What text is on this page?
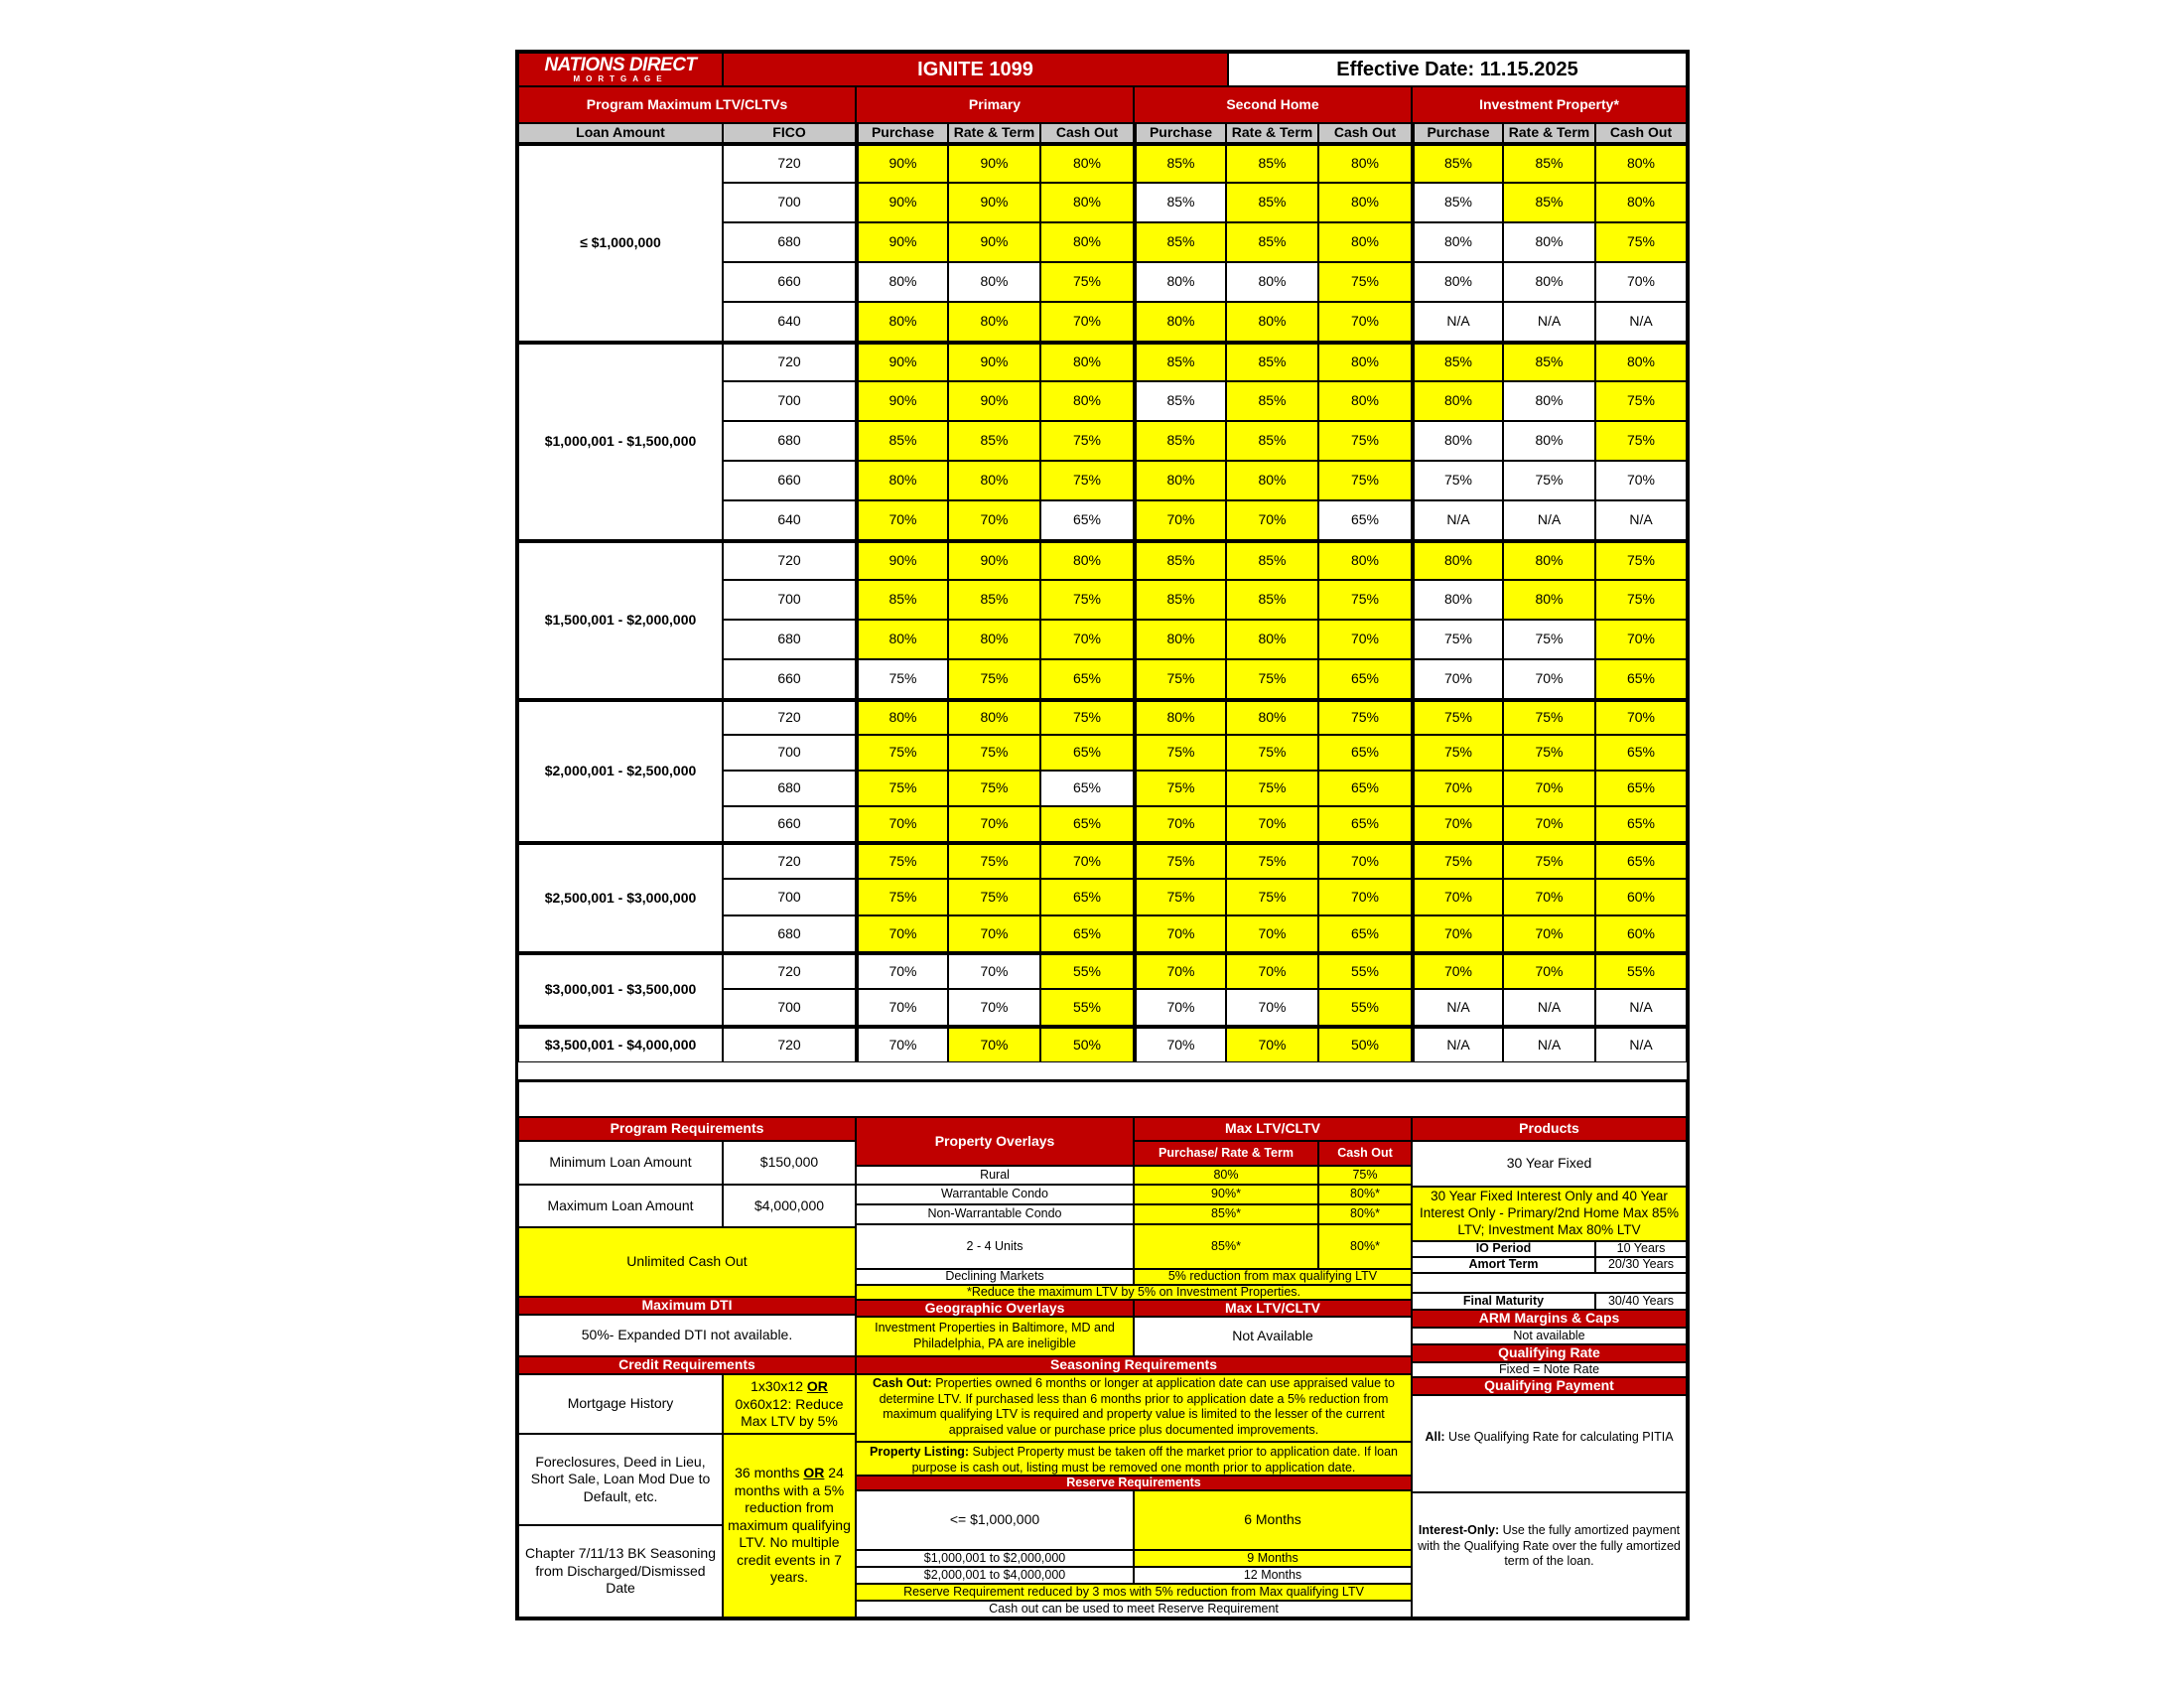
NATIONS DIRECT
MORTGAGE	IGNITE 1099	Effective Date: 11.15.2025
Program Maximum LTV/CLTVs	Primary	Second Home	Investment Property*
Loan Amount	FICO	Purchase	Rate & Term	Cash Out	Purchase	Rate & Term	Cash Out	Purchase	Rate & Term	Cash Out
≤ $1,000,000
720	90%	90%	80%	85%	85%	80%	85%	85%	80%
700	90%	90%	80%	85%	85%	80%	85%	85%	80%
680	90%	90%	80%	85%	85%	80%	80%	80%	75%
660	80%	80%	75%	80%	80%	75%	80%	80%	70%
640	80%	80%	70%	80%	80%	70%	N/A	N/A	N/A
$1,000,001 - $1,500,000
720	90%	90%	80%	85%	85%	80%	85%	85%	80%
700	90%	90%	80%	85%	85%	80%	80%	80%	75%
680	85%	85%	75%	85%	85%	75%	80%	80%	75%
660	80%	80%	75%	80%	80%	75%	75%	75%	70%
640	70%	70%	65%	70%	70%	65%	N/A	N/A	N/A
$1,500,001 - $2,000,000
720	90%	90%	80%	85%	85%	80%	80%	80%	75%
700	85%	85%	75%	85%	85%	75%	80%	80%	75%
680	80%	80%	70%	80%	80%	70%	75%	75%	70%
660	75%	75%	65%	75%	75%	65%	70%	70%	65%
$2,000,001 - $2,500,000
720	80%	80%	75%	80%	80%	75%	75%	75%	70%
700	75%	75%	65%	75%	75%	65%	75%	75%	65%
680	75%	75%	65%	75%	75%	65%	70%	70%	65%
660	70%	70%	65%	70%	70%	65%	70%	70%	65%
$2,500,001 - $3,000,000
720	75%	75%	70%	75%	75%	70%	75%	75%	65%
700	75%	75%	65%	75%	75%	70%	70%	70%	60%
680	70%	70%	65%	70%	70%	65%	70%	70%	60%
$3,000,001 - $3,500,000
720	70%	70%	55%	70%	70%	55%	70%	70%	55%
700	70%	70%	55%	70%	70%	55%	N/A	N/A	N/A
$3,500,001 - $4,000,000	720	70%	70%	50%	70%	70%	50%	N/A	N/A	N/A
Program Requirements
Minimum Loan Amount	$150,000
Maximum Loan Amount	$4,000,000
Unlimited Cash Out
Property Overlays
Max LTV/CLTV
Purchase/ Rate & Term	Cash Out
Rural	80%	75%
Warrantable Condo	90%*	80%*
Non-Warrantable Condo	85%*	80%*
2 - 4 Units	85%*	80%*
Declining Markets	5% reduction from max qualifying LTV
*Reduce the maximum LTV by 5% on Investment Properties.
Products
30 Year Fixed
30 Year Fixed Interest Only and 40 Year Interest Only - Primary/2nd Home Max 85% LTV; Investment Max 80% LTV
IO Period	10 Years
Amort Term	20/30 Years
Final Maturity	30/40 Years
ARM Margins & Caps
Not available
Qualifying Rate
Fixed = Note Rate
Qualifying Payment
All: Use Qualifying Rate for calculating PITIA
Interest-Only: Use the fully amortized payment with the Qualifying Rate over the fully amortized term of the loan.
Maximum DTI
50%- Expanded DTI not available.
Geographic Overlays	Max LTV/CLTV
Investment Properties in Baltimore, MD and Philadelphia, PA are ineligible	Not Available
Credit Requirements
Mortgage History
1x30x12 OR 0x60x12: Reduce Max LTV by 5%
Foreclosures, Deed in Lieu, Short Sale, Loan Mod Due to Default, etc.
Chapter 7/11/13 BK Seasoning from Discharged/Dismissed Date
36 months OR 24 months with a 5% reduction from maximum qualifying LTV. No multiple credit events in 7 years.
Seasoning Requirements
Cash Out: Properties owned 6 months or longer at application date can use appraised value to determine LTV. If purchased less than 6 months prior to application date a 5% reduction from maximum qualifying LTV is required and property value is limited to the lesser of the current appraised value or purchase price plus documented improvements.
Property Listing: Subject Property must be taken off the market prior to application date. If loan purpose is cash out, listing must be removed one month prior to application date.
Reserve Requirements
<= $1,000,000	6 Months
$1,000,001 to $2,000,000	9 Months
$2,000,001 to $4,000,000	12 Months
Reserve Requirement reduced by 3 mos with 5% reduction from Max qualifying LTV
Cash out can be used to meet Reserve Requirement
